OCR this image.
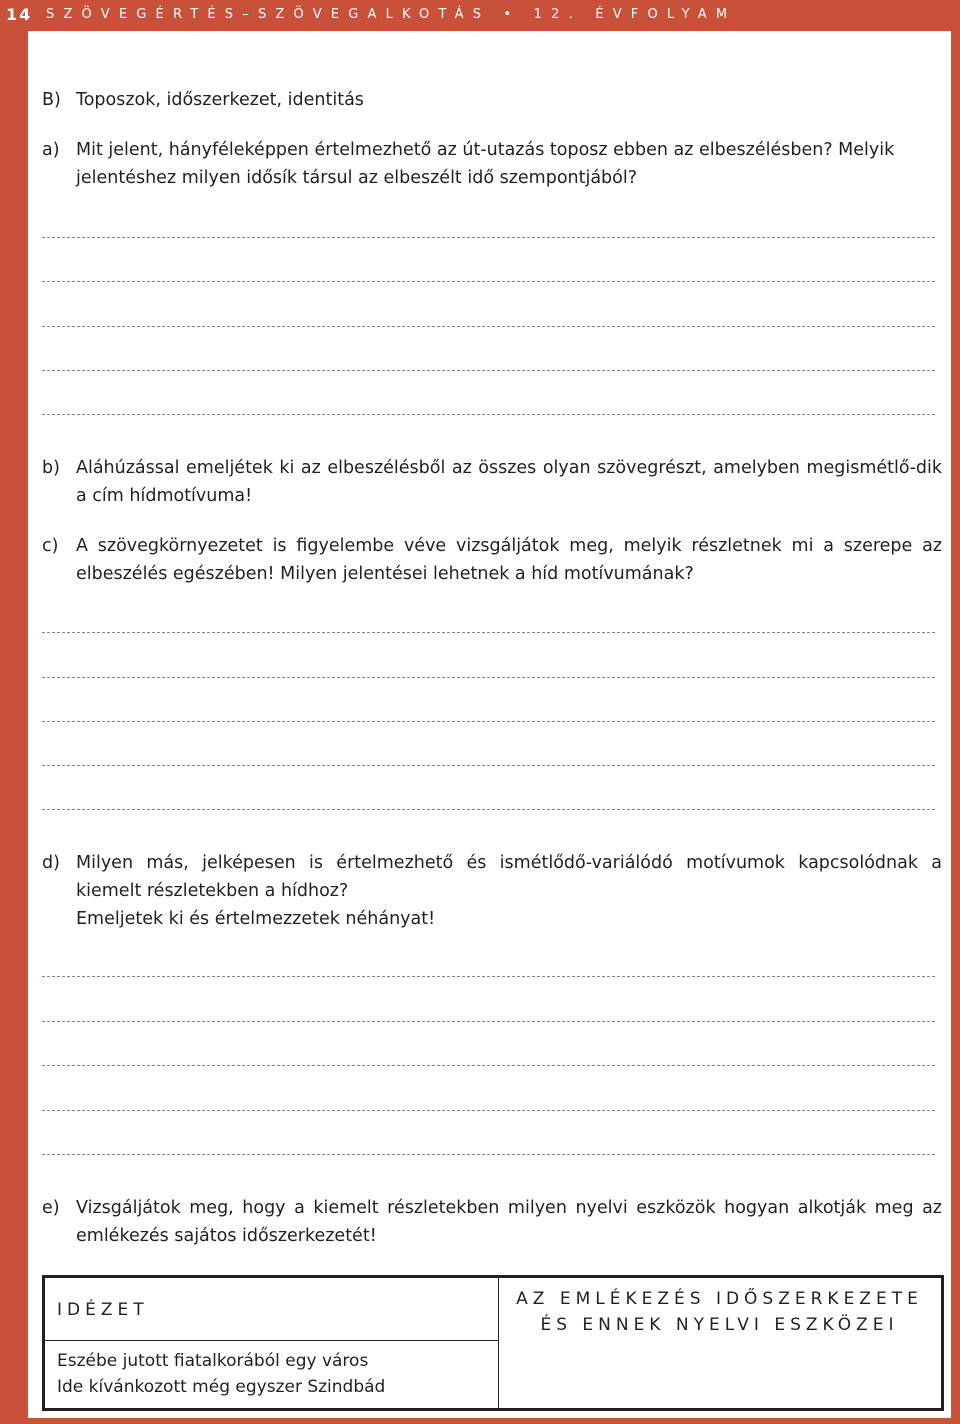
14 SZÖVEGÉRTÉS–SZÖVEGALKOTÁS • 12. ÉVFOLYAM
B) Toposzok, időszerkezet, identitás
a) Mit jelent, hányféleképpen értelmezhető az út-utazás toposz ebben az elbeszélésben? Melyik
jelentéshez milyen idősík társul az elbeszélt idő szempontjából?
b) Aláhúzással emeljétek ki az elbeszélésből az összes olyan szövegrészt, amelyben megismétlő-dik a cím hídmotívuma!
c) A szövegkörnyezetet is figyelembe véve vizsgáljátok meg, melyik részletnek mi a szerepe az elbeszélés egészében! Milyen jelentései lehetnek a híd motívumának?
d) Milyen más, jelképesen is értelmezhető és ismétlődő-variálódó motívumok kapcsolódnak a kiemelt részletekben a hídhoz?
Emeljetek ki és értelmezzetek néhányat!
e) Vizsgáljátok meg, hogy a kiemelt részletekben milyen nyelvi eszközök hogyan alkotják meg az emlékezés sajátos időszerkezetét!
IDÉZET
AZ EMLÉKEZÉS IDŐSZERKEZETE
ÉS ENNEK NYELVI ESZKÖZEI
Eszébe jutott fiatalkorából egy város
Ide kívánkozott még egyszer Szindbád
